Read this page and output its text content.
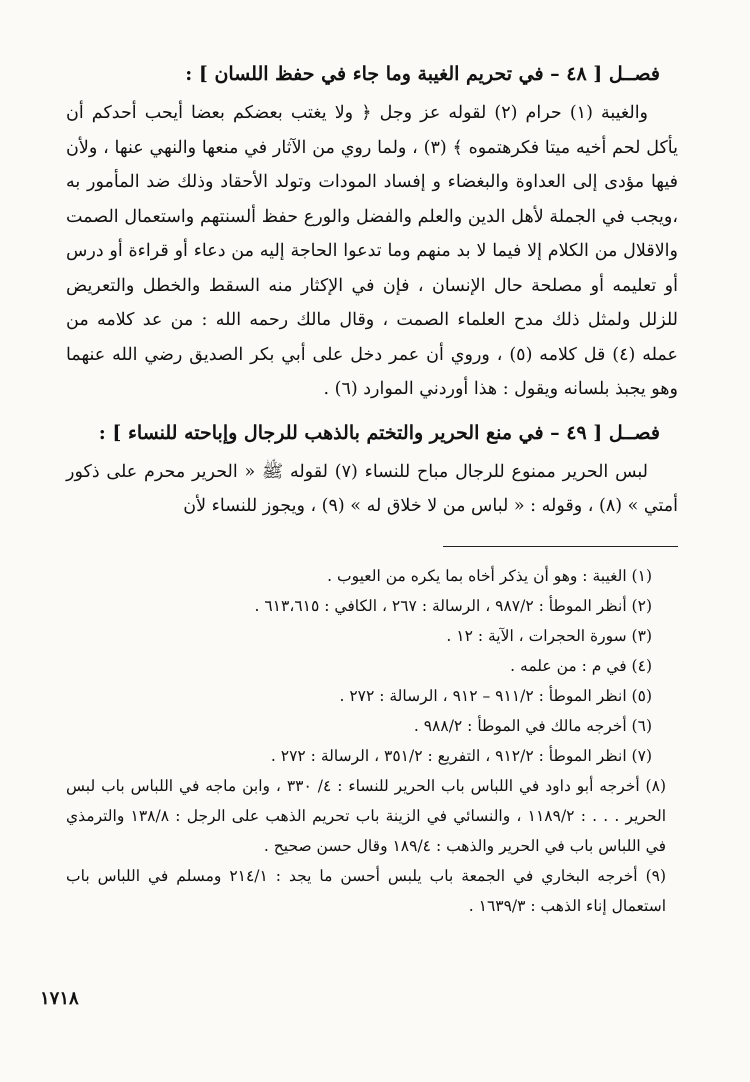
فصــل [ ٤٨ – في تحريم الغيبة وما جاء في حفظ اللسان ] :

والغيبة (١) حرام (٢) لقوله عز وجل ﴿ ولا يغتب بعضكم بعضا أيحب أحدكم أن يأكل لحم أخيه ميتا فكرهتموه ﴾ (٣) ، ولما روي من الآثار في منعها والنهي عنها ، ولأن فيها مؤدى إلى العداوة والبغضاء و إفساد المودات وتولد الأحقاد وذلك ضد المأمور به ،ويجب في الجملة لأهل الدين والعلم والفضل والورع حفظ ألسنتهم واستعمال الصمت والاقلال من الكلام إلا فيما لا بد منهم وما تدعوا الحاجة إليه من دعاء أو قراءة أو درس أو تعليمه أو مصلحة حال الإنسان ، فإن في الإكثار منه السقط والخطل والتعريض للزلل ولمثل ذلك مدح العلماء الصمت ، وقال مالك رحمه الله : من عد كلامه من عمله (٤) قل كلامه (٥) ، وروي أن عمر دخل على أبي بكر الصديق رضي الله عنهما وهو يجبذ بلسانه ويقول : هذا أوردني الموارد (٦) .

فصــل [ ٤٩ – في منع الحرير والتختم بالذهب للرجال وإباحته للنساء ] :

لبس الحرير ممنوع للرجال مباح للنساء (٧) لقوله ﷺ « الحرير محرم على ذكور أمتي » (٨) ، وقوله : « لباس من لا خلاق له » (٩) ، ويجوز للنساء لأن

(١) الغيبة : وهو أن يذكر أخاه بما يكره من العيوب .

(٢) أنظر الموطأ : ٩٨٧/٢ ، الرسالة : ٢٦٧ ، الكافي : ٦١٣،٦١٥ .

(٣) سورة الحجرات ، الآية : ١٢ .

(٤) في م : من علمه .

(٥) انظر الموطأ : ٩١١/٢ – ٩١٢ ، الرسالة : ٢٧٢ .

(٦) أخرجه مالك في الموطأ : ٩٨٨/٢ .

(٧) انظر الموطأ : ٩١٢/٢ ، التفريع : ٣٥١/٢ ، الرسالة : ٢٧٢ .

(٨) أخرجه أبو داود في اللباس باب الحرير للنساء : ٤/ ٣٣٠ ، وابن ماجه في اللباس باب لبس الحرير . . . : ١١٨٩/٢ ، والنسائي في الزينة باب تحريم الذهب على الرجل : ١٣٨/٨ والترمذي في اللباس باب في الحرير والذهب : ١٨٩/٤ وقال حسن صحيح .

(٩) أخرجه البخاري في الجمعة باب يلبس أحسن ما يجد : ٢١٤/١ ومسلم في اللباس باب استعمال إناء الذهب : ١٦٣٩/٣ .

١٧١٨
